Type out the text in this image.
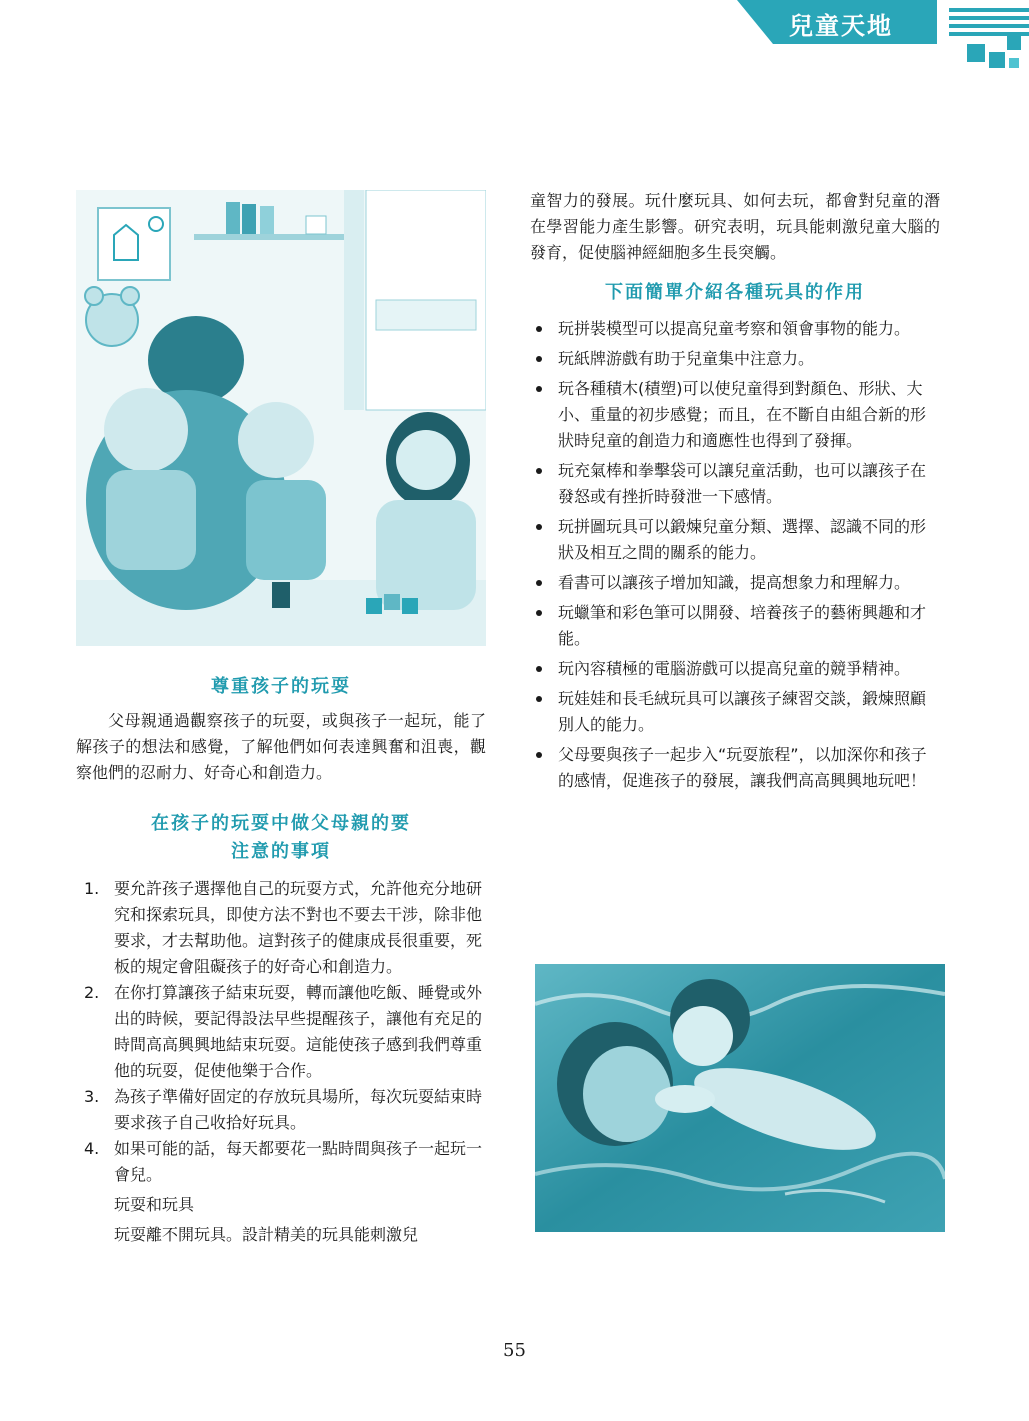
兒童天地
尊重孩子的玩耍

父母親通過觀察孩子的玩耍，或與孩子一起玩，能了解孩子的想法和感覺，了解他們如何表達興奮和沮喪，觀察他們的忍耐力、好奇心和創造力。

在孩子的玩耍中做父母親的要
注意的事項
1. 要允許孩子選擇他自己的玩耍方式，允許他充分地研究和探索玩具，即使方法不對也不要去干涉，除非他要求，才去幫助他。這對孩子的健康成長很重要，死板的規定會阻礙孩子的好奇心和創造力。
2. 在你打算讓孩子結束玩耍，轉而讓他吃飯、睡覺或外出的時候，要記得設法早些提醒孩子，讓他有充足的時間高高興興地結束玩耍。這能使孩子感到我們尊重他的玩耍，促使他樂于合作。
3. 為孩子準備好固定的存放玩具場所，每次玩耍結束時要求孩子自己收拾好玩具。
4. 如果可能的話，每天都要花一點時間與孩子一起玩一會兒。
玩耍和玩具
玩耍離不開玩具。設計精美的玩具能刺激兒

童智力的發展。玩什麼玩具、如何去玩，都會對兒童的潛在學習能力產生影響。研究表明，玩具能刺激兒童大腦的發育，促使腦神經細胞多生長突觸。

下面簡單介紹各種玩具的作用
玩拼裝模型可以提高兒童考察和領會事物的能力。
玩紙牌游戲有助于兒童集中注意力。
玩各種積木(積塑)可以使兒童得到對顏色、形狀、大小、重量的初步感覺；而且，在不斷自由組合新的形狀時兒童的創造力和適應性也得到了發揮。
玩充氣棒和拳擊袋可以讓兒童活動，也可以讓孩子在發怒或有挫折時發泄一下感情。
玩拼圖玩具可以鍛煉兒童分類、選擇、認識不同的形狀及相互之間的關系的能力。
看書可以讓孩子增加知識，提高想象力和理解力。
玩蠟筆和彩色筆可以開發、培養孩子的藝術興趣和才能。
玩內容積極的電腦游戲可以提高兒童的競爭精神。
玩娃娃和長毛絨玩具可以讓孩子練習交談，鍛煉照顧別人的能力。
父母要與孩子一起步入“玩耍旅程”，以加深你和孩子的感情，促進孩子的發展，讓我們高高興興地玩吧！
55
